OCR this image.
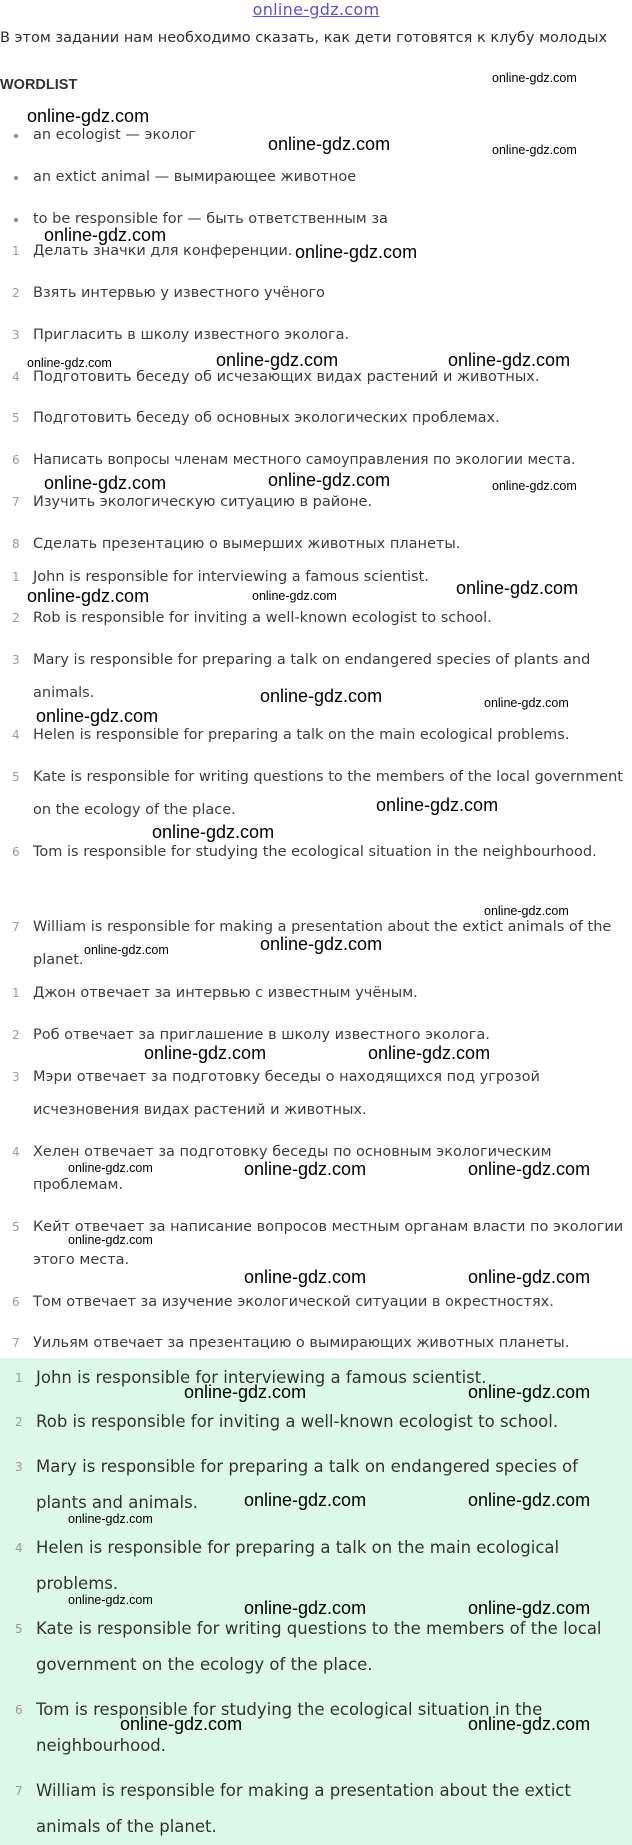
online-gdz.com
В этом задании нам необходимо сказать, как дети готовятся к клубу молодых
WORDLIST
an ecologist — эколог
an extict animal — вымирающее животное
to be responsible for — быть ответственным за
1 Делать значки для конференции.
2 Взять интервью у известного учёного
3 Пригласить в школу известного эколога.
4 Подготовить беседу об исчезающих видах растений и животных.
5 Подготовить беседу об основных экологических проблемах.
6 Написать вопросы членам местного самоуправления по экологии места.
7 Изучить экологическую ситуацию в районе.
8 Сделать презентацию о вымерших животных планеты.
1 John is responsible for interviewing a famous scientist.
2 Rob is responsible for inviting a well-known ecologist to school.
3 Mary is responsible for preparing a talk on endangered species of plants and animals.
4 Helen is responsible for preparing a talk on the main ecological problems.
5 Kate is responsible for writing questions to the members of the local government on the ecology of the place.
6 Tom is responsible for studying the ecological situation in the neighbourhood.
7 William is responsible for making a presentation about the extict animals of the planet.
1 Джон отвечает за интервью с известным учёным.
2 Роб отвечает за приглашение в школу известного эколога.
3 Мэри отвечает за подготовку беседы о находящихся под угрозой исчезновения видах растений и животных.
4 Хелен отвечает за подготовку беседы по основным экологическим проблемам.
5 Кейт отвечает за написание вопросов местным органам власти по экологии этого места.
6 Том отвечает за изучение экологической ситуации в окрестностях.
7 Уильям отвечает за презентацию о вымирающих животных планеты.
1 John is responsible for interviewing a famous scientist.
2 Rob is responsible for inviting a well-known ecologist to school.
3 Mary is responsible for preparing a talk on endangered species of plants and animals.
4 Helen is responsible for preparing a talk on the main ecological problems.
5 Kate is responsible for writing questions to the members of the local government on the ecology of the place.
6 Tom is responsible for studying the ecological situation in the neighbourhood.
7 William is responsible for making a presentation about the extict animals of the planet.
online-gdz.com
online-gdz.com
online-gdz.com	online-gdz.com
online-gdz.com
online-gdz.com
online-gdz.com	online-gdz.com	online-gdz.com
online-gdz.com	online-gdz.com	online-gdz.com
online-gdz.com
online-gdz.com	online-gdz.com
online-gdz.com	online-gdz.com
online-gdz.com
online-gdz.com
online-gdz.com
online-gdz.com
online-gdz.com
online-gdz.com
online-gdz.com	online-gdz.com
online-gdz.com	online-gdz.com	online-gdz.com
online-gdz.com
online-gdz.com	online-gdz.com
online-gdz.com	online-gdz.com
online-gdz.com	online-gdz.com
online-gdz.com
online-gdz.com	online-gdz.com	online-gdz.com
online-gdz.com	online-gdz.com
